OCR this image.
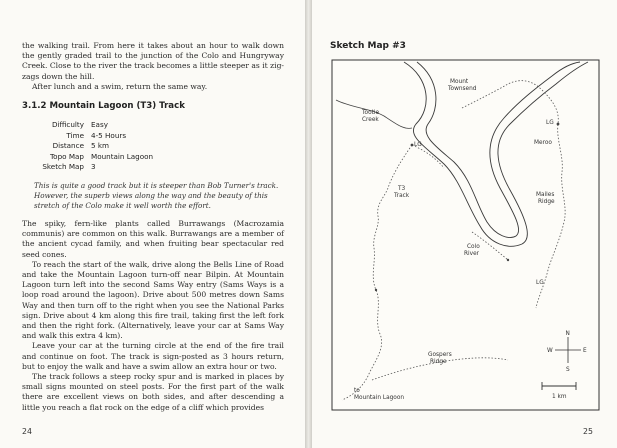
the walking trail. From here it takes about an hour to walk down the gently graded trail to the junction of the Colo and Hungryway Creek. Close to the river the track becomes a little steeper as it zig-zags down the hill.

After lunch and a swim, return the same way.

3.1.2 Mountain Lagoon (T3) Track
Difficulty Easy
Time 4-5 Hours
Distance 5 km
Topo Map Mountain Lagoon
Sketch Map 3
This is quite a good track but it is steeper than Bob Turner's track. However, the superb views along the way and the beauty of this stretch of the Colo make it well worth the effort.

The spiky, fern-like plants called Burrawangs (Macrozamia communis) are common on this walk. Burrawangs are a member of the ancient cycad family, and when fruiting bear spectacular red seed cones.

To reach the start of the walk, drive along the Bells Line of Road and take the Mountain Lagoon turn-off near Bilpin. At Mountain Lagoon turn left into the second Sams Way entry (Sams Ways is a loop road around the lagoon). Drive about 500 metres down Sams Way and then turn off to the right when you see the National Parks sign. Drive about 4 km along this fire trail, taking first the left fork and then the right fork. (Alternatively, leave your car at Sams Way and walk this extra 4 km).

Leave your car at the turning circle at the end of the fire trail and continue on foot. The track is sign-posted as 3 hours return, but to enjoy the walk and have a swim allow an extra hour or two.

The track follows a steep rocky spur and is marked in places by small signs mounted on steel posts. For the first part of the walk there are excellent views on both sides, and after descending a little you reach a flat rock on the edge of a cliff which provides

24
Sketch Map #3
Mount
Townsend
Tootie
Creek
T3
Track
Colo
River
Meroo
Mailes
Ridge
Gospers
Ridge
to
Mountain Lagoon
LG
LG
LG
N
S
E
W
1 km
25
